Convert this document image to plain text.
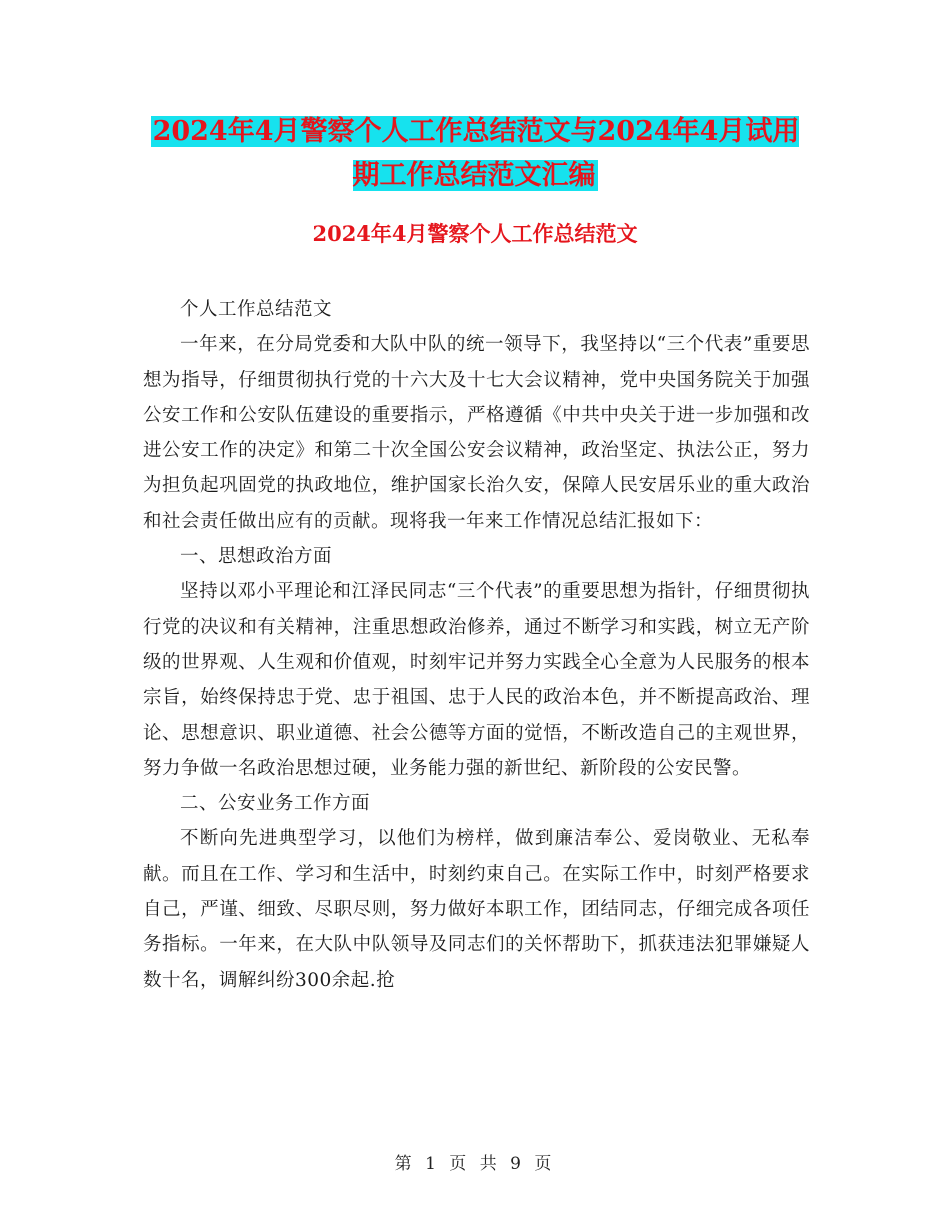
2024年4月警察个人工作总结范文与2024年4月试用期工作总结范文汇编
2024年4月警察个人工作总结范文

个人工作总结范文

一年来，在分局党委和大队中队的统一领导下，我坚持以“三个代表”重要思想为指导，仔细贯彻执行党的十六大及十七大会议精神，党中央国务院关于加强公安工作和公安队伍建设的重要指示，严格遵循《中共中央关于进一步加强和改进公安工作的决定》和第二十次全国公安会议精神，政治坚定、执法公正，努力为担负起巩固党的执政地位，维护国家长治久安，保障人民安居乐业的重大政治和社会责任做出应有的贡献。现将我一年来工作情况总结汇报如下：

一、思想政治方面

坚持以邓小平理论和江泽民同志“三个代表”的重要思想为指针，仔细贯彻执行党的决议和有关精神，注重思想政治修养，通过不断学习和实践，树立无产阶级的世界观、人生观和价值观，时刻牢记并努力实践全心全意为人民服务的根本宗旨，始终保持忠于党、忠于祖国、忠于人民的政治本色，并不断提高政治、理论、思想意识、职业道德、社会公德等方面的觉悟，不断改造自己的主观世界，努力争做一名政治思想过硬，业务能力强的新世纪、新阶段的公安民警。

二、公安业务工作方面

不断向先进典型学习，以他们为榜样，做到廉洁奉公、爱岗敬业、无私奉献。而且在工作、学习和生活中，时刻约束自己。在实际工作中，时刻严格要求自己，严谨、细致、尽职尽则，努力做好本职工作，团结同志，仔细完成各项任务指标。一年来，在大队中队领导及同志们的关怀帮助下，抓获违法犯罪嫌疑人数十名，调解纠纷300余起.抢

第 1 页 共 9 页
